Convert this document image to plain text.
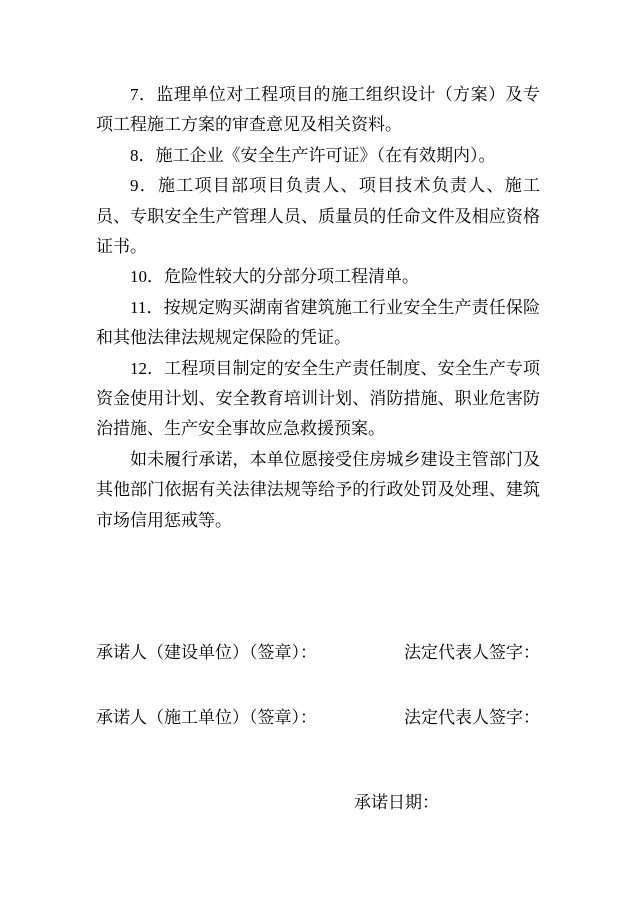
7．监理单位对工程项目的施工组织设计（方案）及专项工程施工方案的审查意见及相关资料。

8．施工企业《安全生产许可证》（在有效期内）。

9．施工项目部项目负责人、项目技术负责人、施工员、专职安全生产管理人员、质量员的任命文件及相应资格证书。

10．危险性较大的分部分项工程清单。

11．按规定购买湖南省建筑施工行业安全生产责任保险和其他法律法规规定保险的凭证。

12．工程项目制定的安全生产责任制度、安全生产专项资金使用计划、安全教育培训计划、消防措施、职业危害防治措施、生产安全事故应急救援预案。

如未履行承诺，本单位愿接受住房城乡建设主管部门及其他部门依据有关法律法规等给予的行政处罚及处理、建筑市场信用惩戒等。

承诺人（建设单位）（签章）：	法定代表人签字：
承诺人（施工单位）（签章）：	法定代表人签字：
承诺日期：
